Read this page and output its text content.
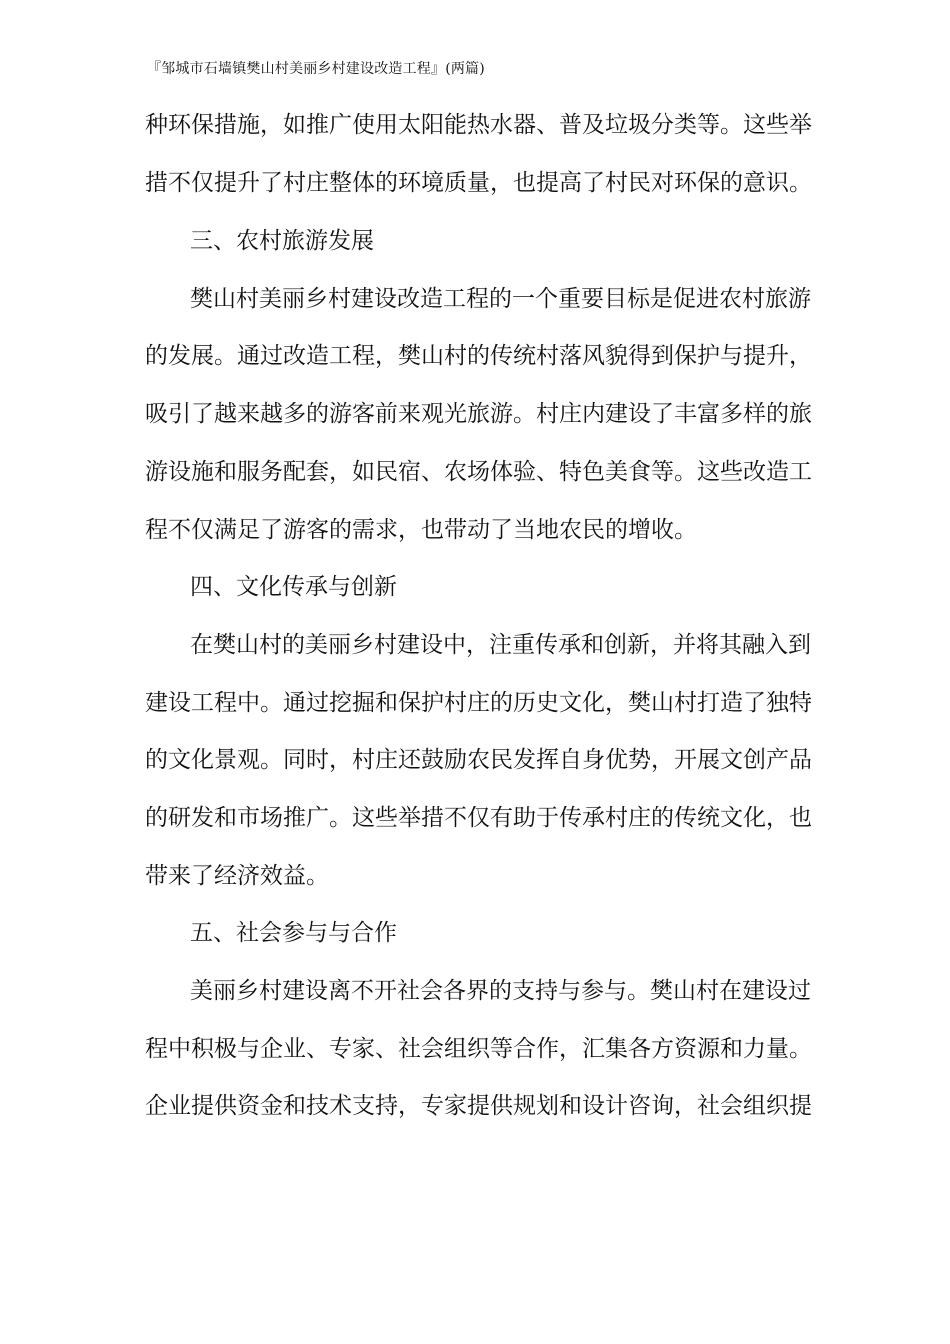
『邹城市石墙镇樊山村美丽乡村建设改造工程』(两篇)
种环保措施，如推广使用太阳能热水器、普及垃圾分类等。这些举
措不仅提升了村庄整体的环境质量，也提高了村民对环保的意识。
三、农村旅游发展
樊山村美丽乡村建设改造工程的一个重要目标是促进农村旅游
的发展。通过改造工程，樊山村的传统村落风貌得到保护与提升，
吸引了越来越多的游客前来观光旅游。村庄内建设了丰富多样的旅
游设施和服务配套，如民宿、农场体验、特色美食等。这些改造工
程不仅满足了游客的需求，也带动了当地农民的增收。
四、文化传承与创新
在樊山村的美丽乡村建设中，注重传承和创新，并将其融入到
建设工程中。通过挖掘和保护村庄的历史文化，樊山村打造了独特
的文化景观。同时，村庄还鼓励农民发挥自身优势，开展文创产品
的研发和市场推广。这些举措不仅有助于传承村庄的传统文化，也
带来了经济效益。
五、社会参与与合作
美丽乡村建设离不开社会各界的支持与参与。樊山村在建设过
程中积极与企业、专家、社会组织等合作，汇集各方资源和力量。
企业提供资金和技术支持，专家提供规划和设计咨询，社会组织提
